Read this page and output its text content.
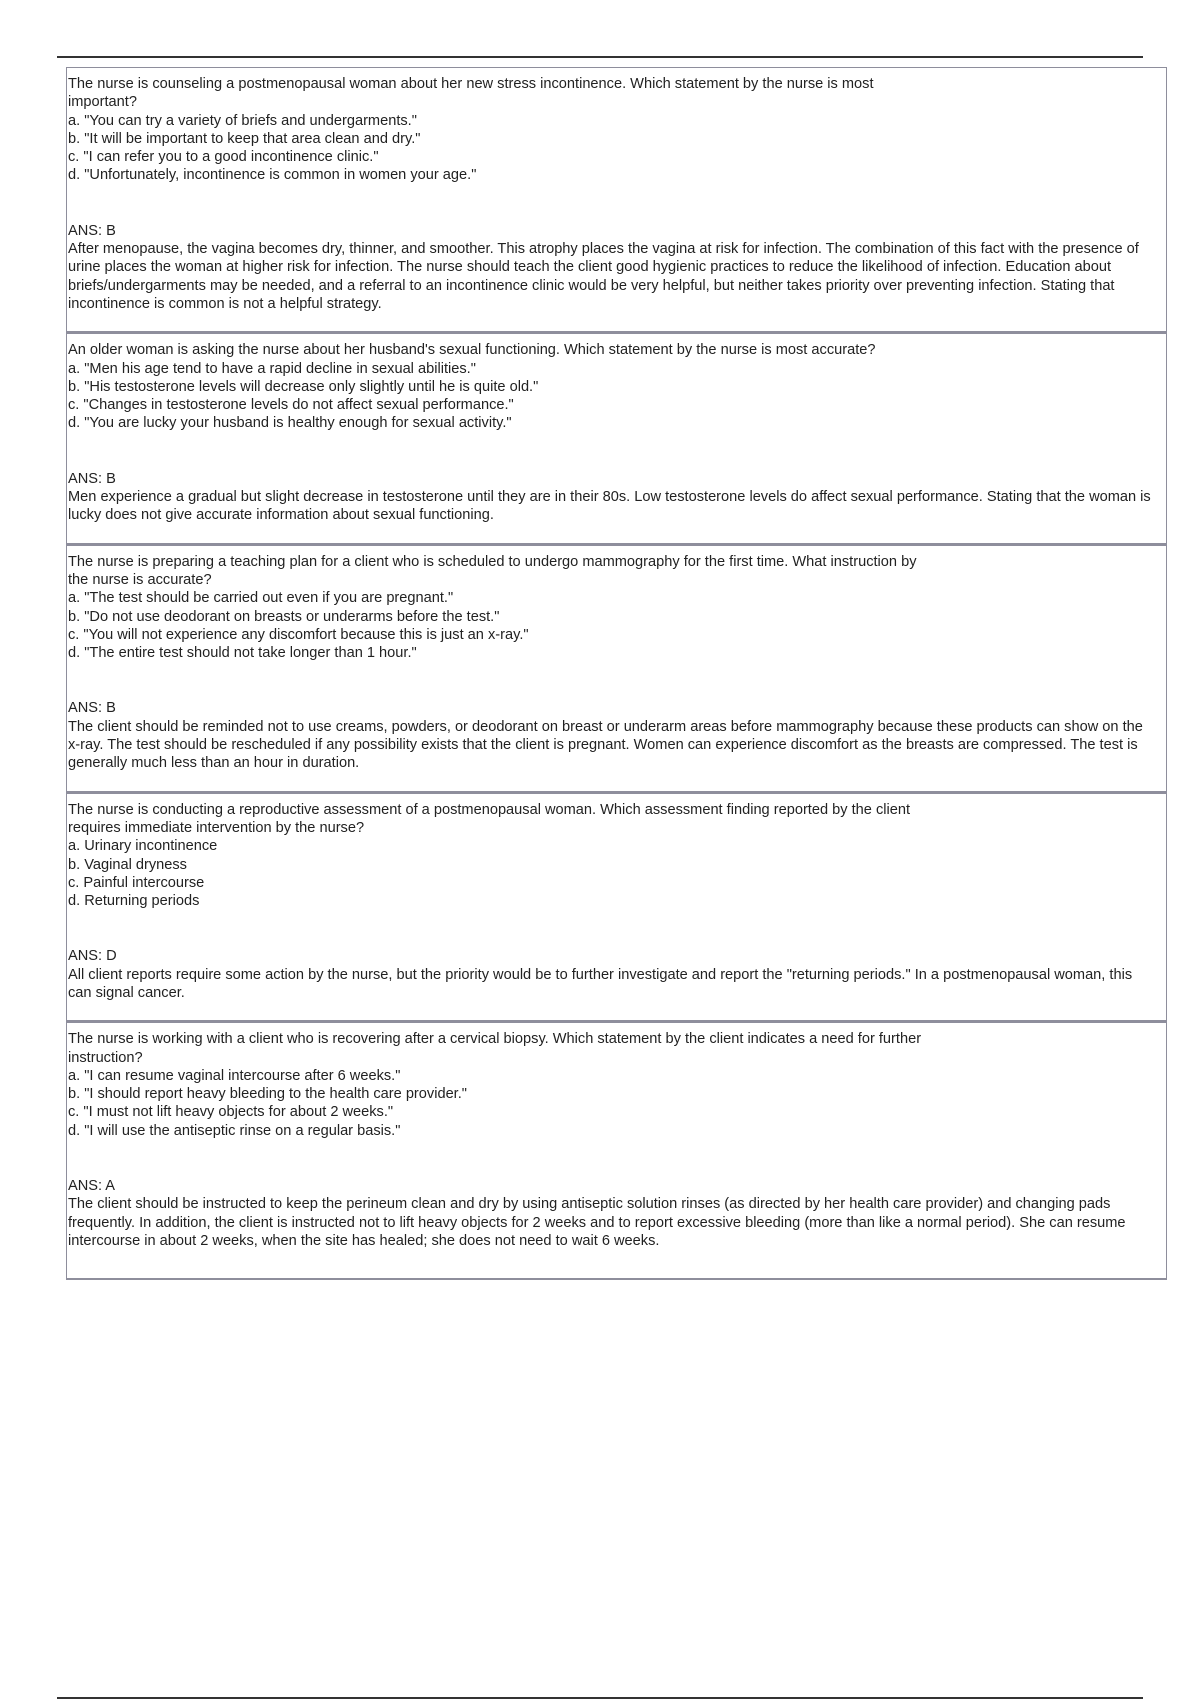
The nurse is counseling a postmenopausal woman about her new stress incontinence. Which statement by the nurse is most important?

a. "You can try a variety of briefs and undergarments."
b. "It will be important to keep that area clean and dry."
c. "I can refer you to a good incontinence clinic."
d. "Unfortunately, incontinence is common in women your age."

ANS: B

After menopause, the vagina becomes dry, thinner, and smoother. This atrophy places the vagina at risk for infection. The combination of this fact with the presence of urine places the woman at higher risk for infection. The nurse should teach the client good hygienic practices to reduce the likelihood of infection. Education about briefs/undergarments may be needed, and a referral to an incontinence clinic would be very helpful, but neither takes priority over preventing infection. Stating that incontinence is common is not a helpful strategy.

An older woman is asking the nurse about her husband's sexual functioning. Which statement by the nurse is most accurate?

a. "Men his age tend to have a rapid decline in sexual abilities."
b. "His testosterone levels will decrease only slightly until he is quite old."
c. "Changes in testosterone levels do not affect sexual performance."
d. "You are lucky your husband is healthy enough for sexual activity."

ANS: B

Men experience a gradual but slight decrease in testosterone until they are in their 80s. Low testosterone levels do affect sexual performance. Stating that the woman is lucky does not give accurate information about sexual functioning.

The nurse is preparing a teaching plan for a client who is scheduled to undergo mammography for the first time. What instruction by the nurse is accurate?

a. "The test should be carried out even if you are pregnant."
b. "Do not use deodorant on breasts or underarms before the test."
c. "You will not experience any discomfort because this is just an x-ray."
d. "The entire test should not take longer than 1 hour."

ANS: B

The client should be reminded not to use creams, powders, or deodorant on breast or underarm areas before mammography because these products can show on the x-ray. The test should be rescheduled if any possibility exists that the client is pregnant. Women can experience discomfort as the breasts are compressed. The test is generally much less than an hour in duration.

The nurse is conducting a reproductive assessment of a postmenopausal woman. Which assessment finding reported by the client requires immediate intervention by the nurse?

a. Urinary incontinence
b. Vaginal dryness
c. Painful intercourse
d. Returning periods

ANS: D

All client reports require some action by the nurse, but the priority would be to further investigate and report the "returning periods." In a postmenopausal woman, this can signal cancer.

The nurse is working with a client who is recovering after a cervical biopsy. Which statement by the client indicates a need for further instruction?

a. "I can resume vaginal intercourse after 6 weeks."
b. "I should report heavy bleeding to the health care provider."
c. "I must not lift heavy objects for about 2 weeks."
d. "I will use the antiseptic rinse on a regular basis."

ANS: A

The client should be instructed to keep the perineum clean and dry by using antiseptic solution rinses (as directed by her health care provider) and changing pads frequently. In addition, the client is instructed not to lift heavy objects for 2 weeks and to report excessive bleeding (more than like a normal period). She can resume intercourse in about 2 weeks, when the site has healed; she does not need to wait 6 weeks.
